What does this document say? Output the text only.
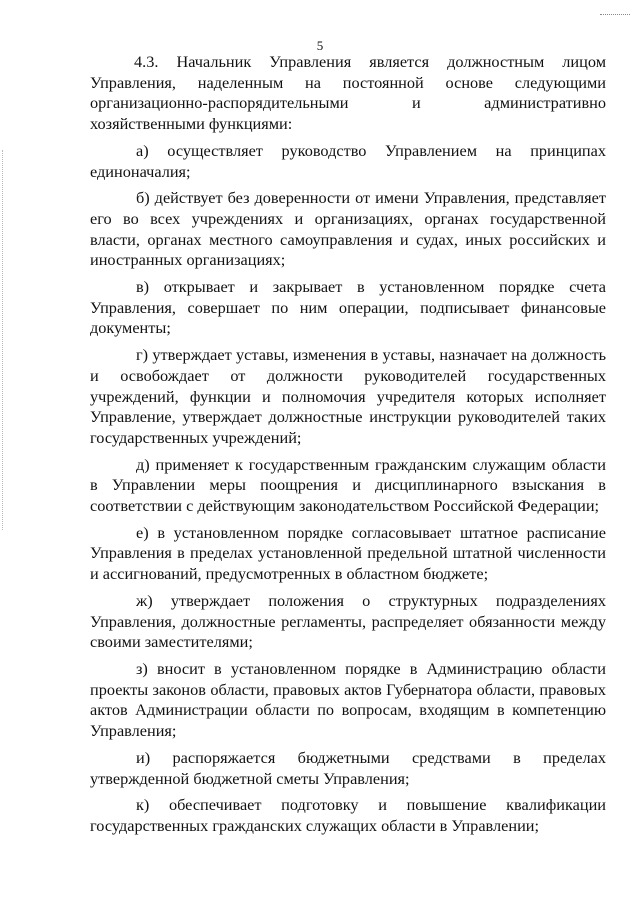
5

4.3. Начальник Управления является должностным лицом Управления, наделенным на постоянной основе следующими организационно-распорядительными и административно хозяйственными функциями:

а) осуществляет руководство Управлением на принципах единоначалия;

б) действует без доверенности от имени Управления, представляет его во всех учреждениях и организациях, органах государственной власти, органах местного самоуправления и судах, иных российских и иностранных организациях;

в) открывает и закрывает в установленном порядке счета Управления, совершает по ним операции, подписывает финансовые документы;

г) утверждает уставы, изменения в уставы, назначает на должность и освобождает от должности руководителей государственных учреждений, функции и полномочия учредителя которых исполняет Управление, утверждает должностные инструкции руководителей таких государственных учреждений;

д) применяет к государственным гражданским служащим области в Управлении меры поощрения и дисциплинарного взыскания в соответствии с действующим законодательством Российской Федерации;

е) в установленном порядке согласовывает штатное расписание Управления в пределах установленной предельной штатной численности и ассигнований, предусмотренных в областном бюджете;

ж) утверждает положения о структурных подразделениях Управления, должностные регламенты, распределяет обязанности между своими заместителями;

з) вносит в установленном порядке в Администрацию области проекты законов области, правовых актов Губернатора области, правовых актов Администрации области по вопросам, входящим в компетенцию Управления;

и) распоряжается бюджетными средствами в пределах утвержденной бюджетной сметы Управления;

к) обеспечивает подготовку и повышение квалификации государственных гражданских служащих области в Управлении;
